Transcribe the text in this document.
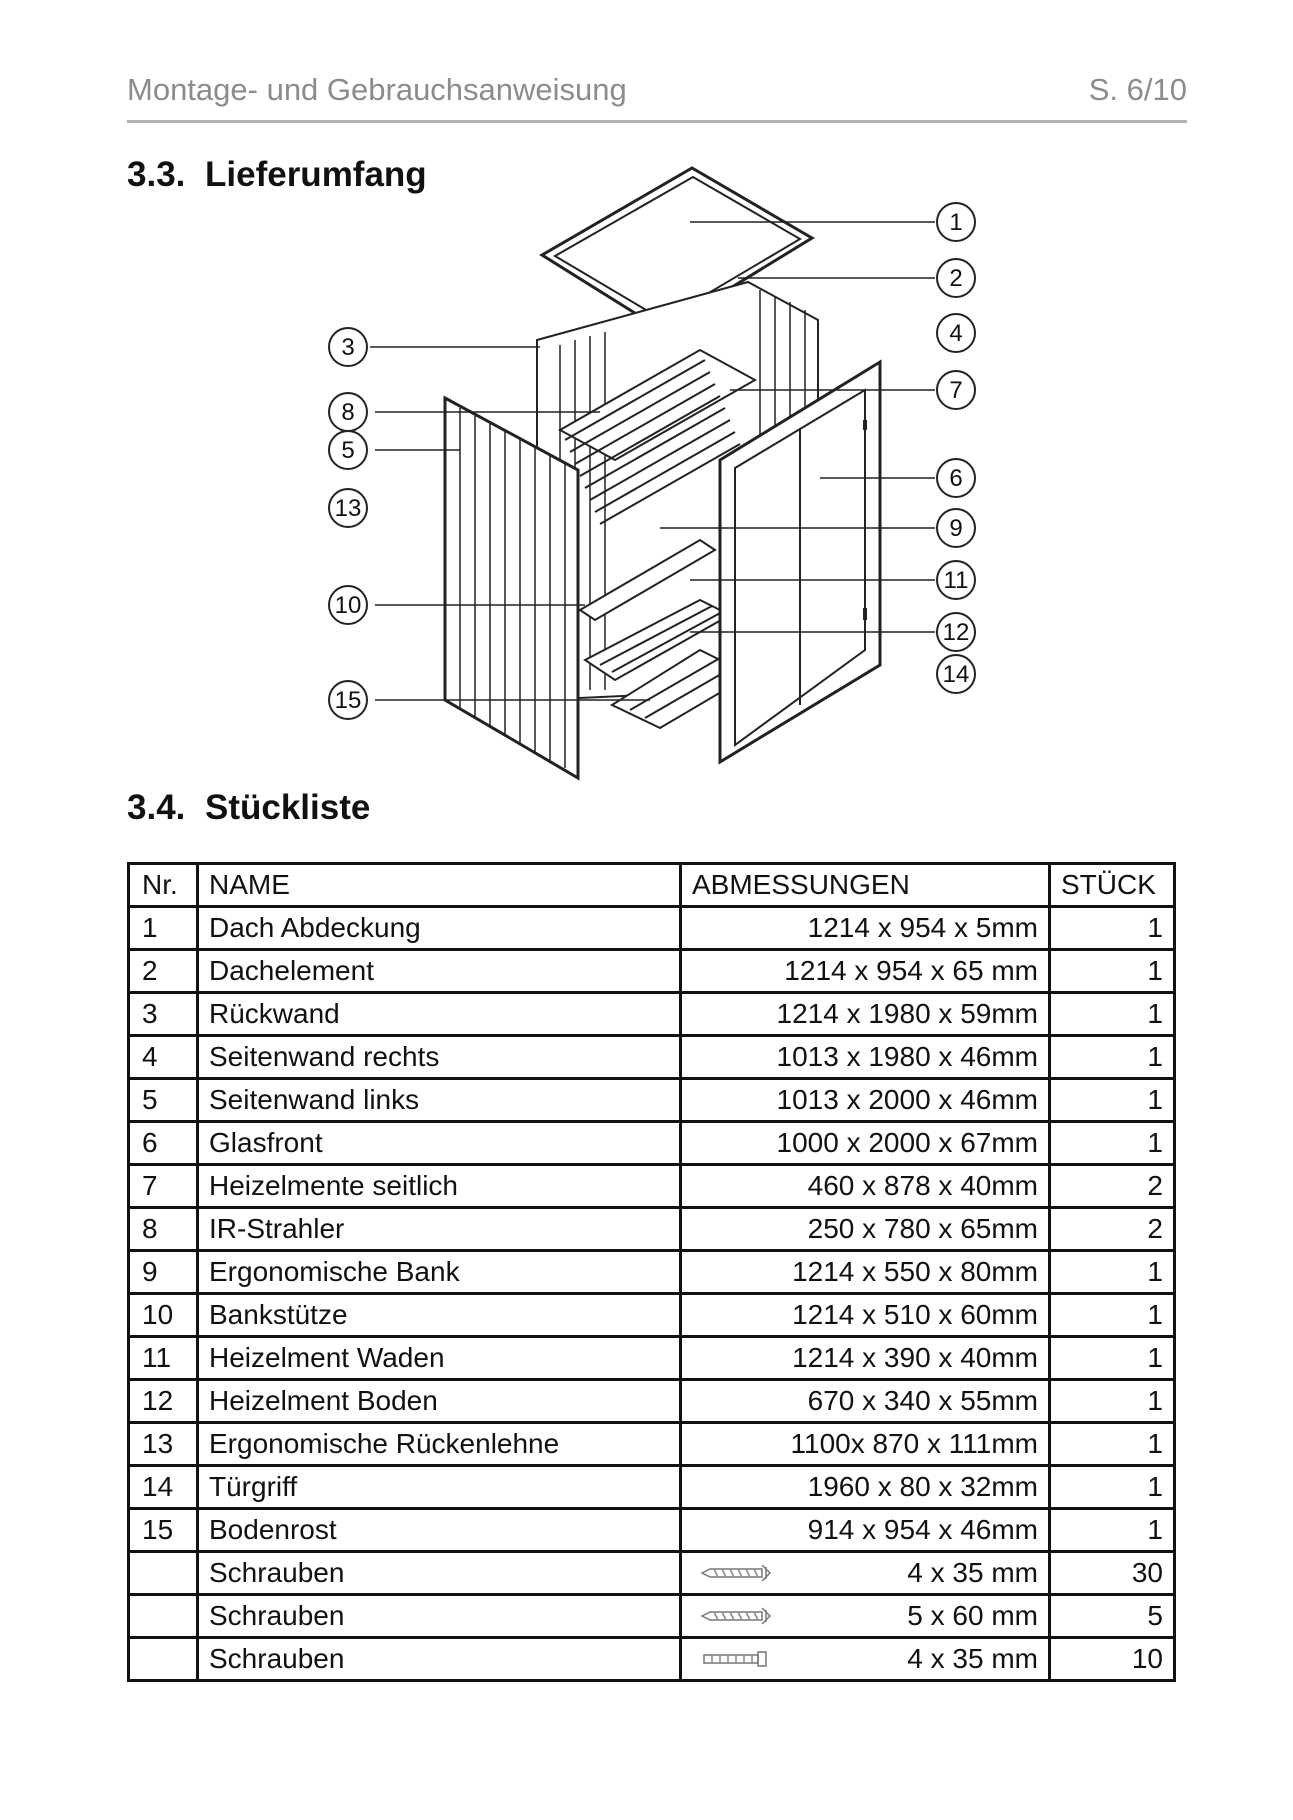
Montage- und Gebrauchsanweisung	S. 6/10
3.3. Lieferumfang
1
2
3
4
5
6
7
8
9
10
11
12
13
14
15
3.4. Stückliste
Nr.	NAME	ABMESSUNGEN	STÜCK
1	Dach Abdeckung	1214 x 954 x 5mm	1
2	Dachelement	1214 x 954 x 65 mm	1
3	Rückwand	1214 x 1980 x 59mm	1
4	Seitenwand rechts	1013 x 1980 x 46mm	1
5	Seitenwand links	1013 x 2000 x 46mm	1
6	Glasfront	1000 x 2000 x 67mm	1
7	Heizelmente seitlich	460 x 878 x 40mm	2
8	IR-Strahler	250 x 780 x 65mm	2
9	Ergonomische Bank	1214 x 550 x 80mm	1
10	Bankstütze	1214 x 510 x 60mm	1
11	Heizelment Waden	1214 x 390 x 40mm	1
12	Heizelment Boden	670 x 340 x 55mm	1
13	Ergonomische Rückenlehne	1100x 870 x 111mm	1
14	Türgriff	1960 x 80 x 32mm	1
15	Bodenrost	914 x 954 x 46mm	1
	Schrauben	4 x 35 mm	30
	Schrauben	5 x 60 mm	5
	Schrauben	4 x 35 mm	10
